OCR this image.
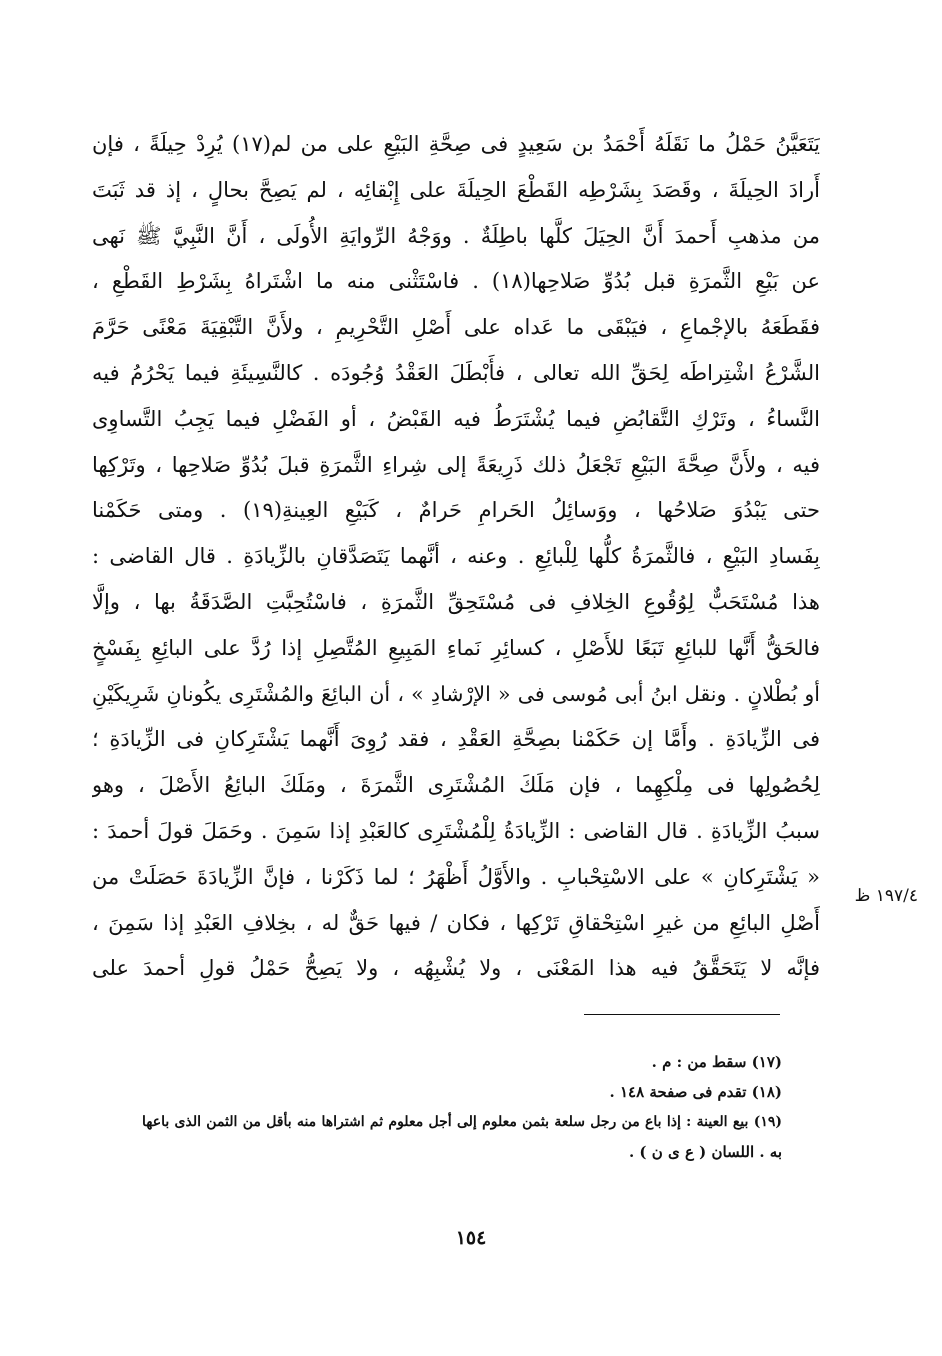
يَتَعَيَّنُ حَمْلُ ما نَقَلَهُ أَحْمَدُ بن سَعِيدٍ فى صِحَّةِ البَيْعِ على من لم(١٧) يُرِدْ حِيلَةً ، فإن
أَرادَ الحِيلَةَ ، وقَصَدَ بِشَرْطِه القَطْعَ الحِيلَةَ على إِبْقائِه ، لم يَصِحَّ بحالٍ ، إذ قد ثَبَتَ
من مذهبِ أَحمدَ أَنَّ الحِيَلَ كلَّها باطِلَةٌ . ووَجْهُ الرِّوايَةِ الأُولَى ، أَنَّ النَّبِيَّ ﷺ نَهى
عن بَيْعِ الثَّمرَةِ قبل بُدُوِّ صَلاحِها(١٨) . فاسْتَثْنى منه ما اشْتَراهُ بِشَرْطِ القَطْعِ ،
فقَطَعَهُ بالإجْماعِ ، فيَبْقَى ما عَداه على أَصْلِ التَّحْرِيمِ ، ولأَنَّ التَّبْقِيَةَ مَعْنًى حَرَّمَ
الشَّرْعُ اشْتِراطَه لِحَقِّ الله تعالى ، فأَبْطَلَ العَقْدُ وُجُودَه . كالنَّسِيئَةِ فيما يَحْرُمُ فيه
النَّساءُ ، وتَرْكِ التَّقابُضِ فيما يُشْتَرَطُ فيه القَبْضُ ، أو الفَضْلِ فيما يَجِبُ التَّساوِى
فيه ، ولأَنَّ صِحَّةَ البَيْعِ تَجْعَلُ ذلك ذَرِيعَةً إلى شِراءِ الثَّمرَةِ قبلَ بُدُوِّ صَلاحِها ، وتَرْكِها
حتى يَبْدُوَ صَلاحُها ، ووَسائِلُ الحَرامِ حَرامٌ ، كَبَيْعِ العِينةِ(١٩) . ومتى حَكَمْنا
بِفَسادِ البَيْعِ ، فالثَّمرَةُ كلُّها لِلْبائِعِ . وعنه ، أنَّهما يَتَصَدَّقانِ بالزِّيادَةِ . قال القاضى :
هذا مُسْتَحَبٌّ لِوُقُوعِ الخِلافِ فى مُسْتَحِقِّ الثَّمرَةِ ، فاسْتُحِبَّتِ الصَّدَقَةُ بها ، وإلَّا
فالحَقُّ أَنَّها للبائِعِ تَبَعًا للأَصْلِ ، كسائِرِ نَماءِ المَبِيعِ المُتَّصِلِ إذا رُدَّ على البائِعِ بِفَسْخٍ
أو بُطْلانٍ . ونقل ابنُ أبى مُوسى فى « الإرْشادِ » ، أن البائِعَ والمُشْتَرِى يكُونانِ شَرِيكَيْنِ
فى الزِّيادَةِ . وأَمَّا إن حَكَمْنا بصِحَّةِ العَقْدِ ، فقد رُوِىَ أَنَّهما يَشْتَرِكانِ فى الزِّيادَةِ ؛
لِحُصُولِها فى مِلْكِهِما ، فإن مَلَكَ المُشْتَرِى الثَّمرَةَ ، ومَلَكَ البائِعُ الأَصْلَ ، وهو
سببُ الزِّيادَةِ . قال القاضى : الزِّيادَةُ لِلْمُشْتَرِى كالعَبْدِ إذا سَمِنَ . وحَمَلَ قولَ أحمدَ :
« يَشْتَرِكانِ » على الاسْتِحْبابِ . والأَوَّلُ أَظْهَرُ ؛ لما ذَكَرْنا ، فإنَّ الزِّيادَةَ حَصَلَتْ من
أَصْلِ البائِعِ من غيرِ اسْتِحْقاقِ تَرْكِها ، فكان / فيها حَقٌّ له ، بخِلافِ العَبْدِ إذا سَمِنَ ،
فإنَّه لا يَتَحَقَّقُ فيه هذا المَعْنَى ، ولا يُشْبِهُه ، ولا يَصِحُّ حَمْلُ قولِ أحمدَ على
١٩٧/٤ ظ
(١٧) سقط من : م .
(١٨) تقدم فى صفحة ١٤٨ .
(١٩) بيع العينة : إذا باع من رجل سلعة بثمن معلوم إلى أجل معلوم ثم اشتراها منه بأقل من الثمن الذى باعها
به . اللسان ( ع ى ن ) .
١٥٤
